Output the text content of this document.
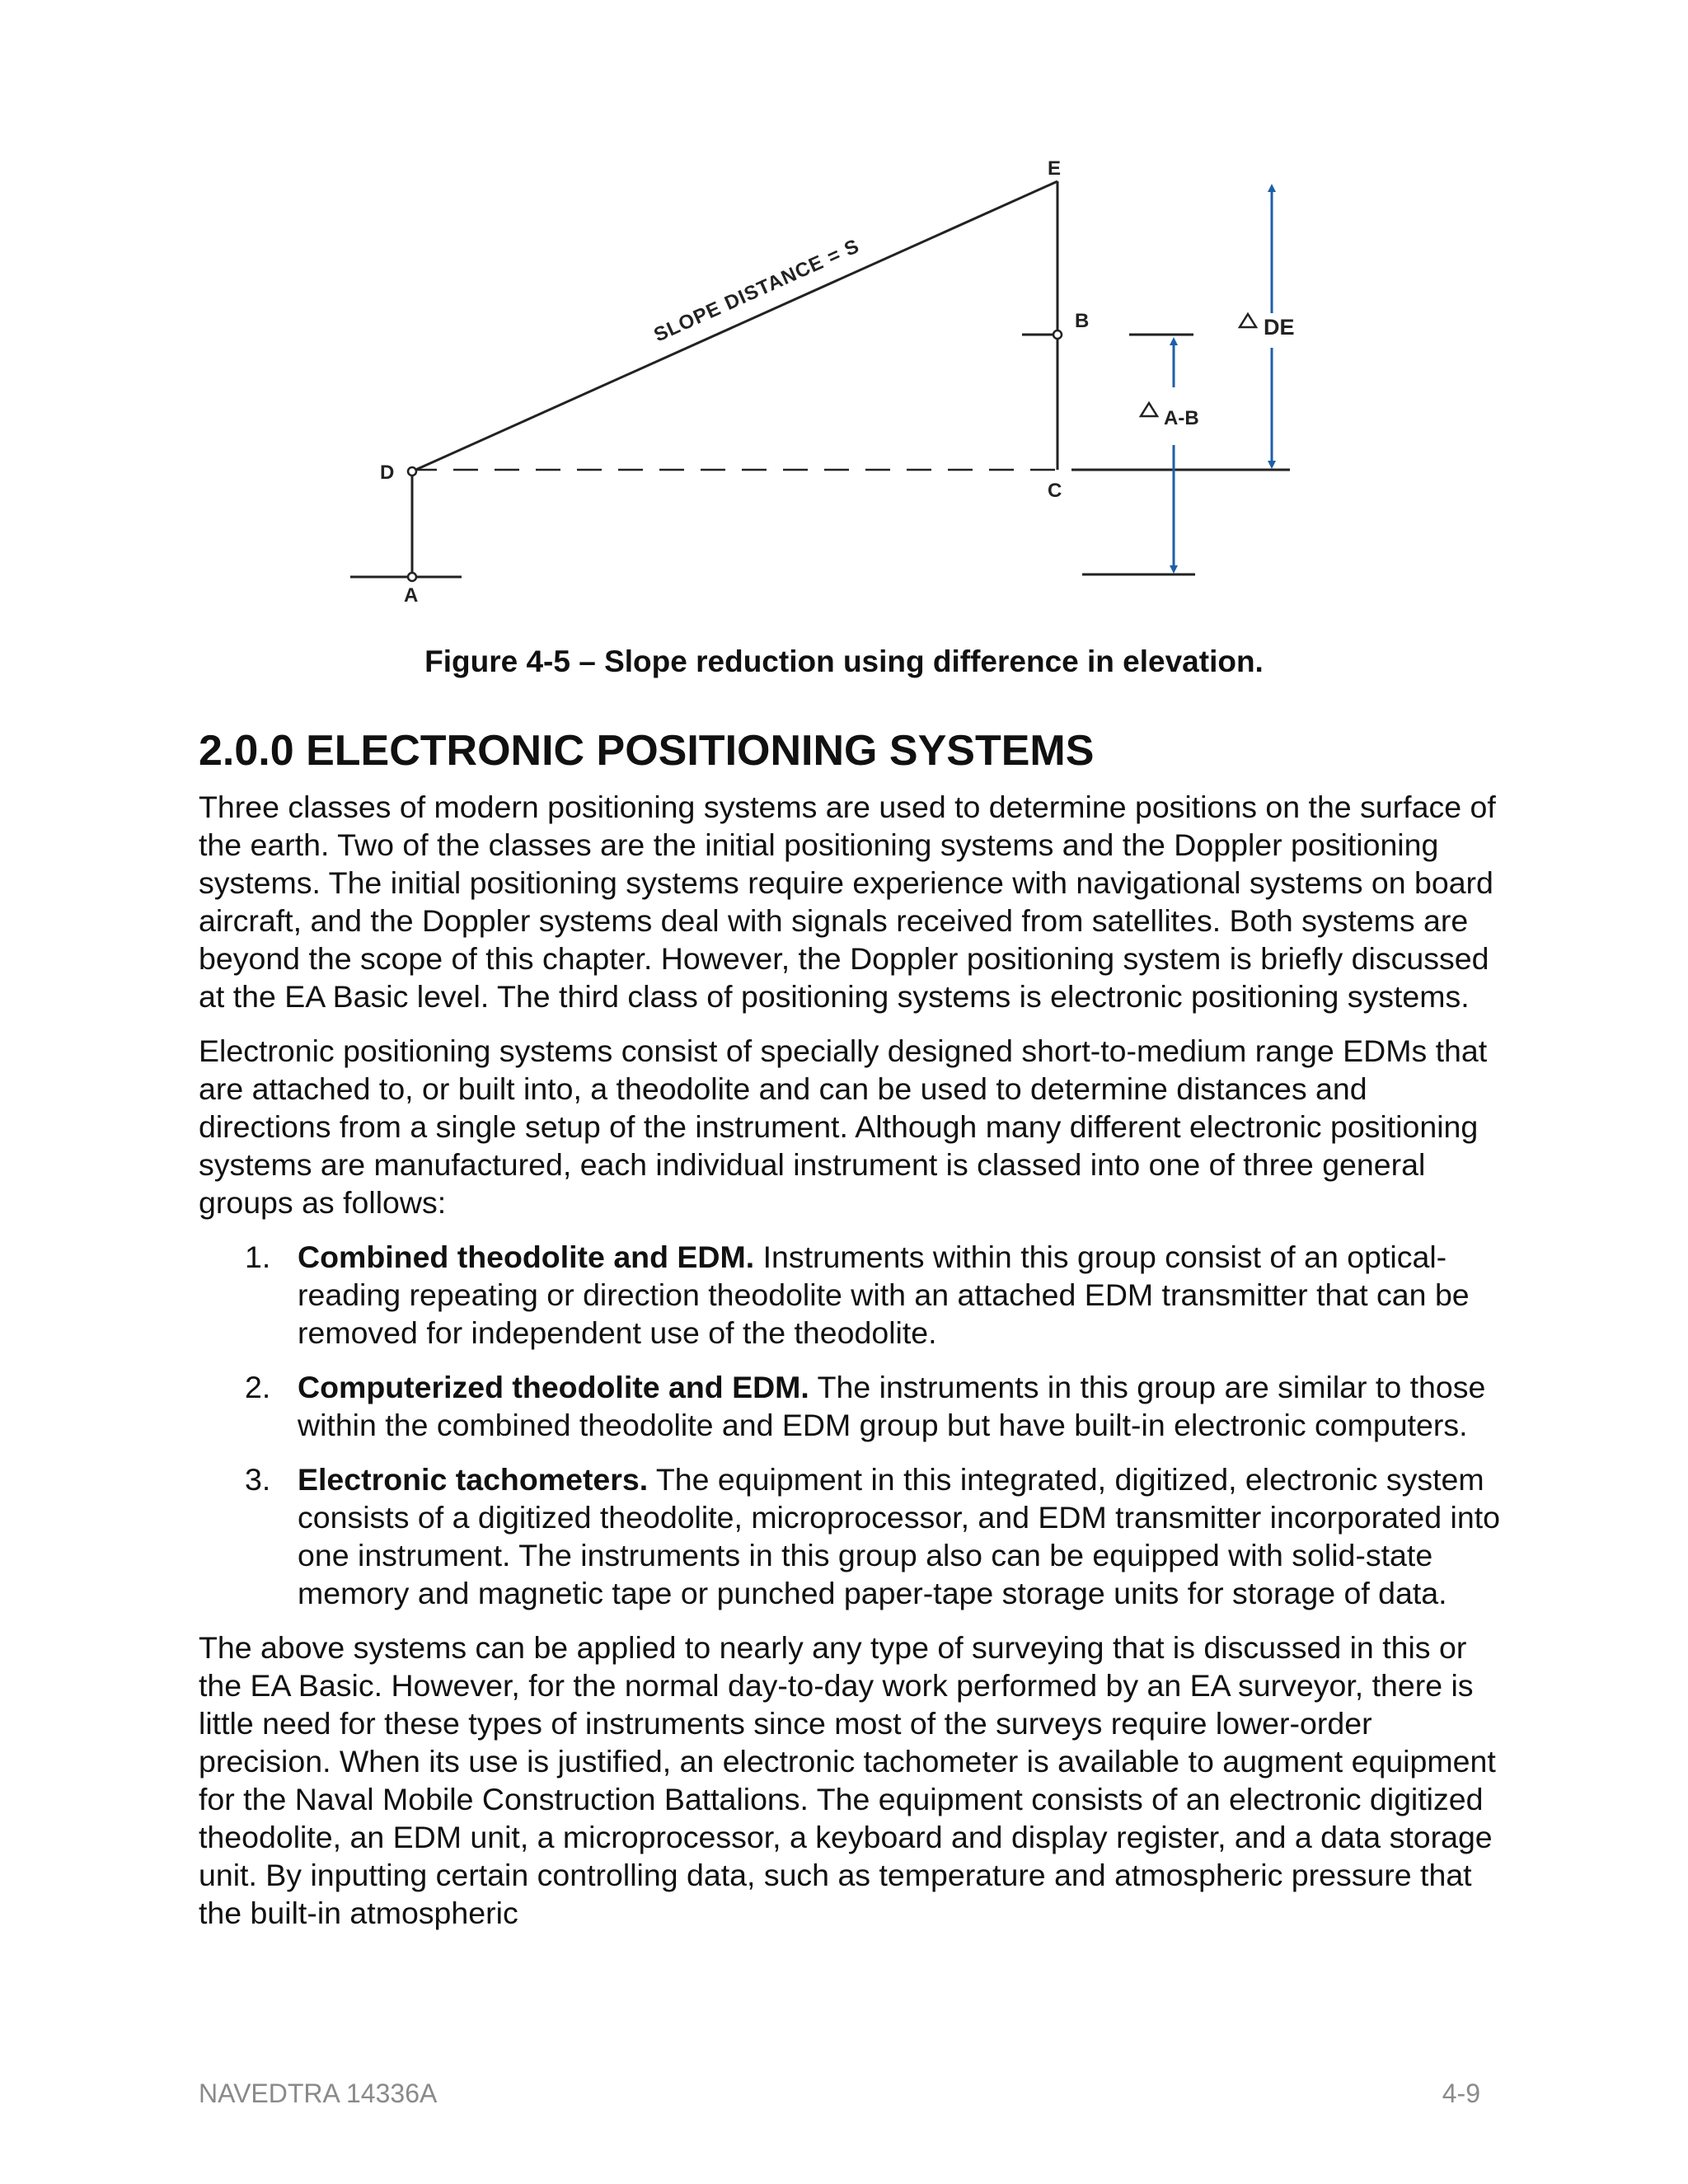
SLOPE DISTANCE = S
A
D
E
B
C
DE
A-B
Figure 4-5 – Slope reduction using difference in elevation.
2.0.0 ELECTRONIC POSITIONING SYSTEMS

Three classes of modern positioning systems are used to determine positions on the surface of the earth. Two of the classes are the initial positioning systems and the Doppler positioning systems. The initial positioning systems require experience with navigational systems on board aircraft, and the Doppler systems deal with signals received from satellites. Both systems are beyond the scope of this chapter. However, the Doppler positioning system is briefly discussed at the EA Basic level. The third class of positioning systems is electronic positioning systems.

Electronic positioning systems consist of specially designed short-to-medium range EDMs that are attached to, or built into, a theodolite and can be used to determine distances and directions from a single setup of the instrument. Although many different electronic positioning systems are manufactured, each individual instrument is classed into one of three general groups as follows:

1. Combined theodolite and EDM. Instruments within this group consist of an optical-reading repeating or direction theodolite with an attached EDM transmitter that can be removed for independent use of the theodolite.
2. Computerized theodolite and EDM. The instruments in this group are similar to those within the combined theodolite and EDM group but have built-in electronic computers.
3. Electronic tachometers. The equipment in this integrated, digitized, electronic system consists of a digitized theodolite, microprocessor, and EDM transmitter incorporated into one instrument. The instruments in this group also can be equipped with solid-state memory and magnetic tape or punched paper-tape storage units for storage of data.

The above systems can be applied to nearly any type of surveying that is discussed in this or the EA Basic. However, for the normal day-to-day work performed by an EA surveyor, there is little need for these types of instruments since most of the surveys require lower-order precision. When its use is justified, an electronic tachometer is available to augment equipment for the Naval Mobile Construction Battalions. The equipment consists of an electronic digitized theodolite, an EDM unit, a microprocessor, a keyboard and display register, and a data storage unit. By inputting certain controlling data, such as temperature and atmospheric pressure that the built-in atmospheric

NAVEDTRA 14336A	4-9
